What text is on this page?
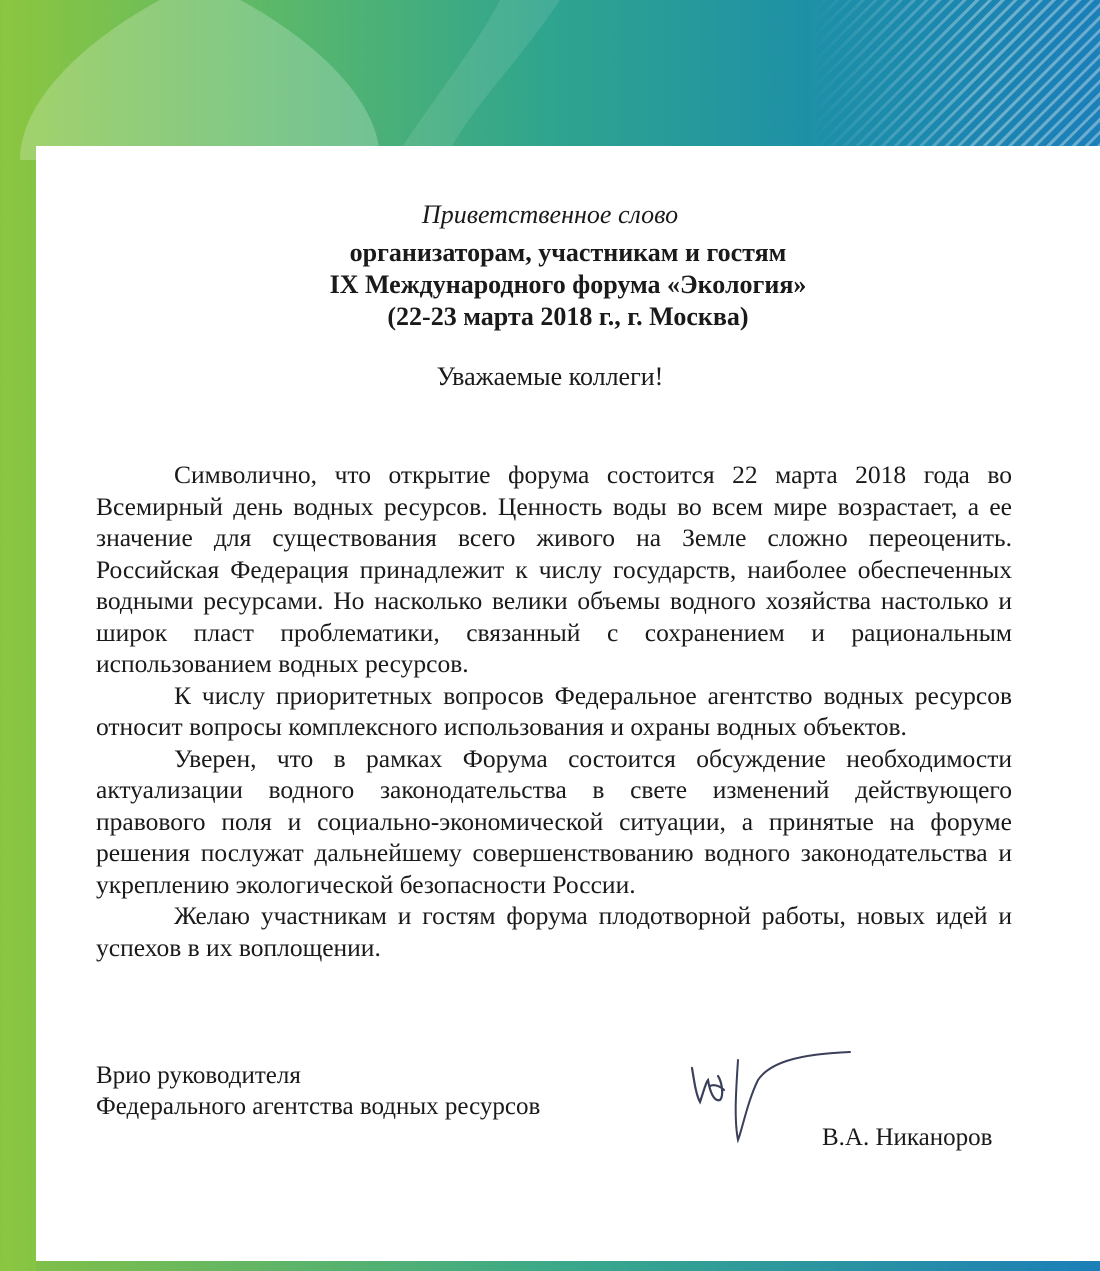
Приветственное слово
организаторам, участникам и гостям
IX Международного форума «Экология»
(22-23 марта 2018 г., г. Москва)
Уважаемые коллеги!

Символично, что открытие форума состоится 22 марта 2018 года во Всемирный день водных ресурсов. Ценность воды во всем мире возрастает, а ее значение для существования всего живого на Земле сложно переоценить. Российская Федерация принадлежит к числу государств, наиболее обеспеченных водными ресурсами. Но насколько велики объемы водного хозяйства настолько и широк пласт проблематики, связанный с сохранением и рациональным использованием водных ресурсов.

К числу приоритетных вопросов Федеральное агентство водных ресурсов относит вопросы комплексного использования и охраны водных объектов.

Уверен, что в рамках Форума состоится обсуждение необходимости актуализации водного законодательства в свете изменений действующего правового поля и социально-экономической ситуации, а принятые на форуме решения послужат дальнейшему совершенствованию водного законодательства и укреплению экологической безопасности России.

Желаю участникам и гостям форума плодотворной работы, новых идей и успехов в их воплощении.

Врио руководителя
Федерального агентства водных ресурсов
В.А. Никаноров
